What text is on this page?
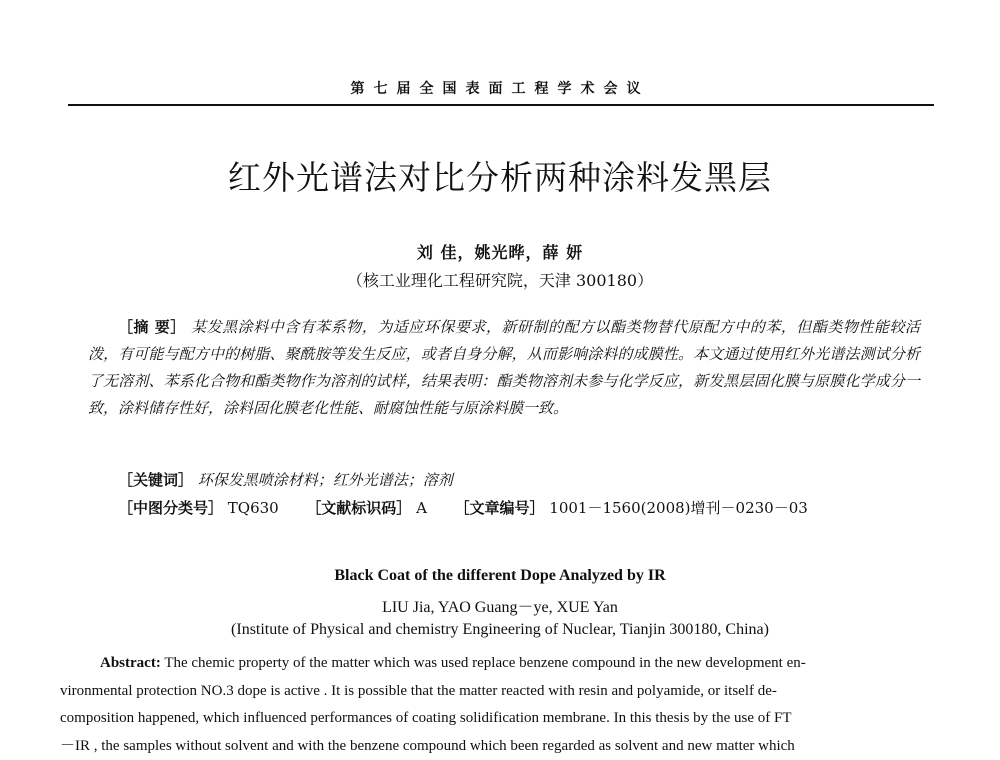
第七届全国表面工程学术会议
红外光谱法对比分析两种涂料发黑层
刘 佳，姚光晔，薛 妍
（核工业理化工程研究院，天津 300180）
［摘 要］ 某发黑涂料中含有苯系物，为适应环保要求，新研制的配方以酯类物替代原配方中的苯，但酯类物性能较活泼，有可能与配方中的树脂、聚酰胺等发生反应，或者自身分解，从而影响涂料的成膜性。本文通过使用红外光谱法测试分析了无溶剂、苯系化合物和酯类物作为溶剂的试样，结果表明：酯类物溶剂未参与化学反应，新发黑层固化膜与原膜化学成分一致，涂料储存性好，涂料固化膜老化性能、耐腐蚀性能与原涂料膜一致。
［关键词］ 环保发黑喷涂材料；红外光谱法；溶剂
［中图分类号］ TQ630 ［文献标识码］ A ［文章编号］ 1001－1560(2008)增刊－0230－03
Black Coat of the different Dope Analyzed by IR
LIU Jia, YAO Guang－ye, XUE Yan
(Institute of Physical and chemistry Engineering of Nuclear, Tianjin 300180, China)
Abstract: The chemic property of the matter which was used replace benzene compound in the new development en-
vironmental protection NO.3 dope is active . It is possible that the matter reacted with resin and polyamide, or itself de-
composition happened, which influenced performances of coating solidification membrane. In this thesis by the use of FT
－IR , the samples without solvent and with the benzene compound which been regarded as solvent and new matter which
